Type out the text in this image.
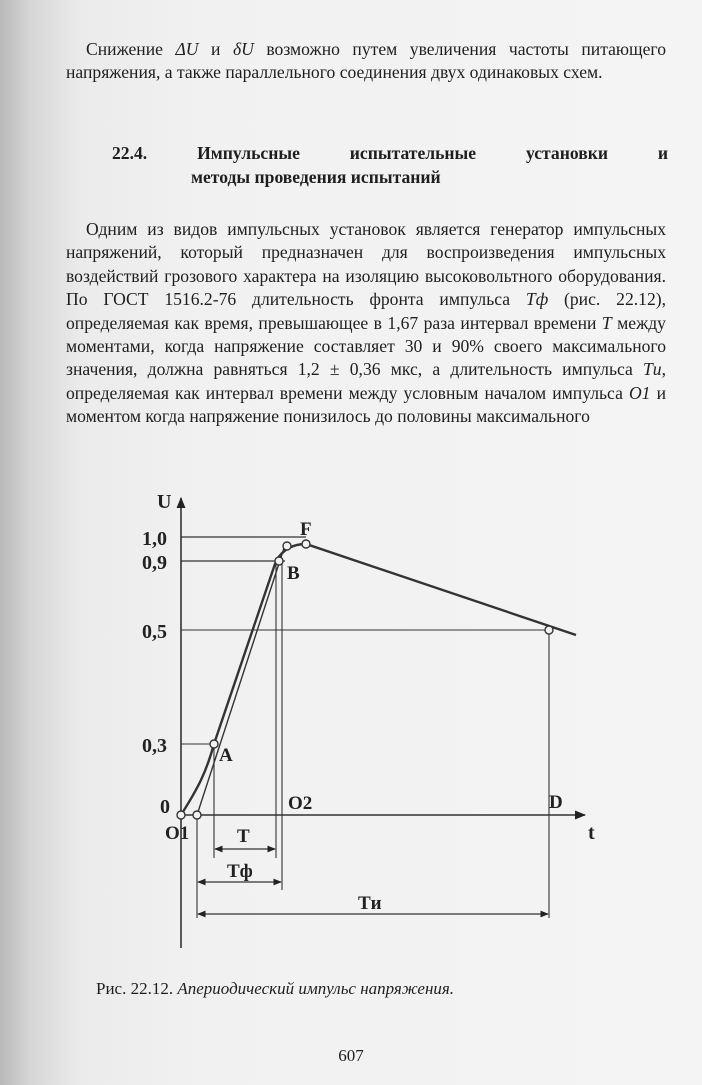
Снижение ΔU и δU возможно путем увеличения частоты питающего напряжения, а также параллельного соединения двух одинаковых схем.

22.4.	Импульсные	испытательные	установки	и
методы проведения испытаний

Одним из видов импульсных установок является генератор импульсных напряжений, который предназначен для воспроизведения импульсных воздействий грозового характера на изоляцию высоковольтного оборудования. По ГОСТ 1516.2-76 длительность фронта импульса Tф (рис. 22.12), определяемая как время, превышающее в 1,67 раза интервал времени T между моментами, когда напряжение составляет 30 и 90% своего максимального значения, должна равняться 1,2 ± 0,36 мкс, а длительность импульса Tи, определяемая как интервал времени между условным началом импульса O1 и моментом когда напряжение понизилось до половины максимального

U
t
1,0
0,9
0,5
0,3
0
F
B
A
D
O2
O1	T
Tф
Tи

Рис. 22.12. Апериодический импульс напряжения.

607
